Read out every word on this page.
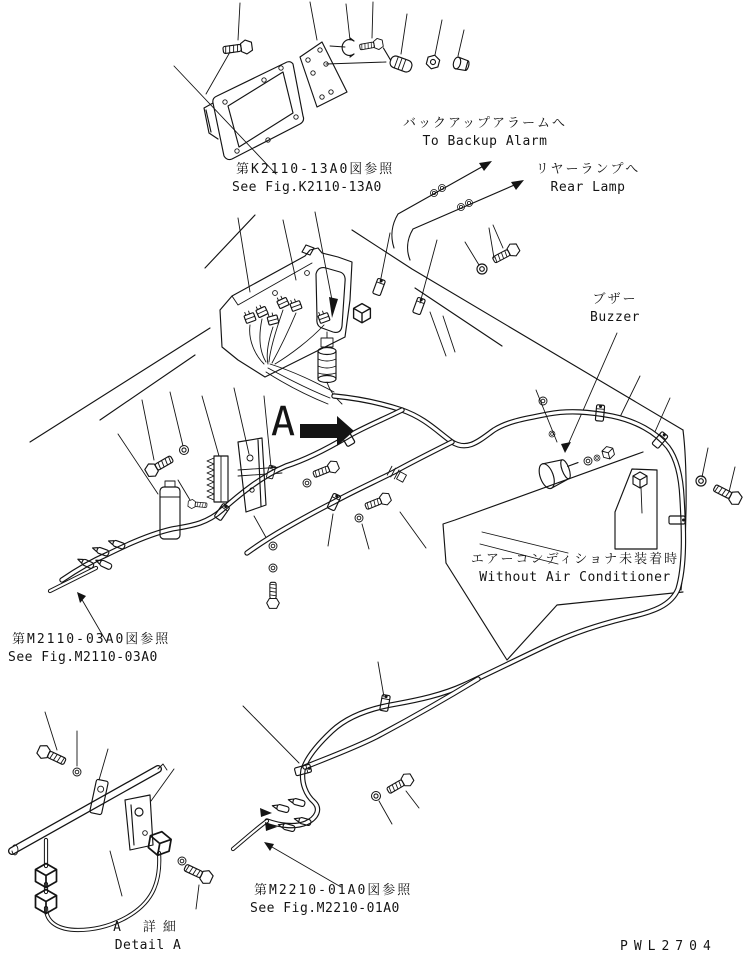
第K2110-13A0図参照
See Fig.K2110-13A0
バックアップアラームへ
To Backup Alarm
リヤーランプへ
Rear Lamp
ブザー
Buzzer
エアーコンディショナ未装着時
Without Air Conditioner
第M2110-03A0図参照
See Fig.M2110-03A0
第M2210-01A0図参照
See Fig.M2210-01A0
A 詳細
Detail A
A
PWL2704
